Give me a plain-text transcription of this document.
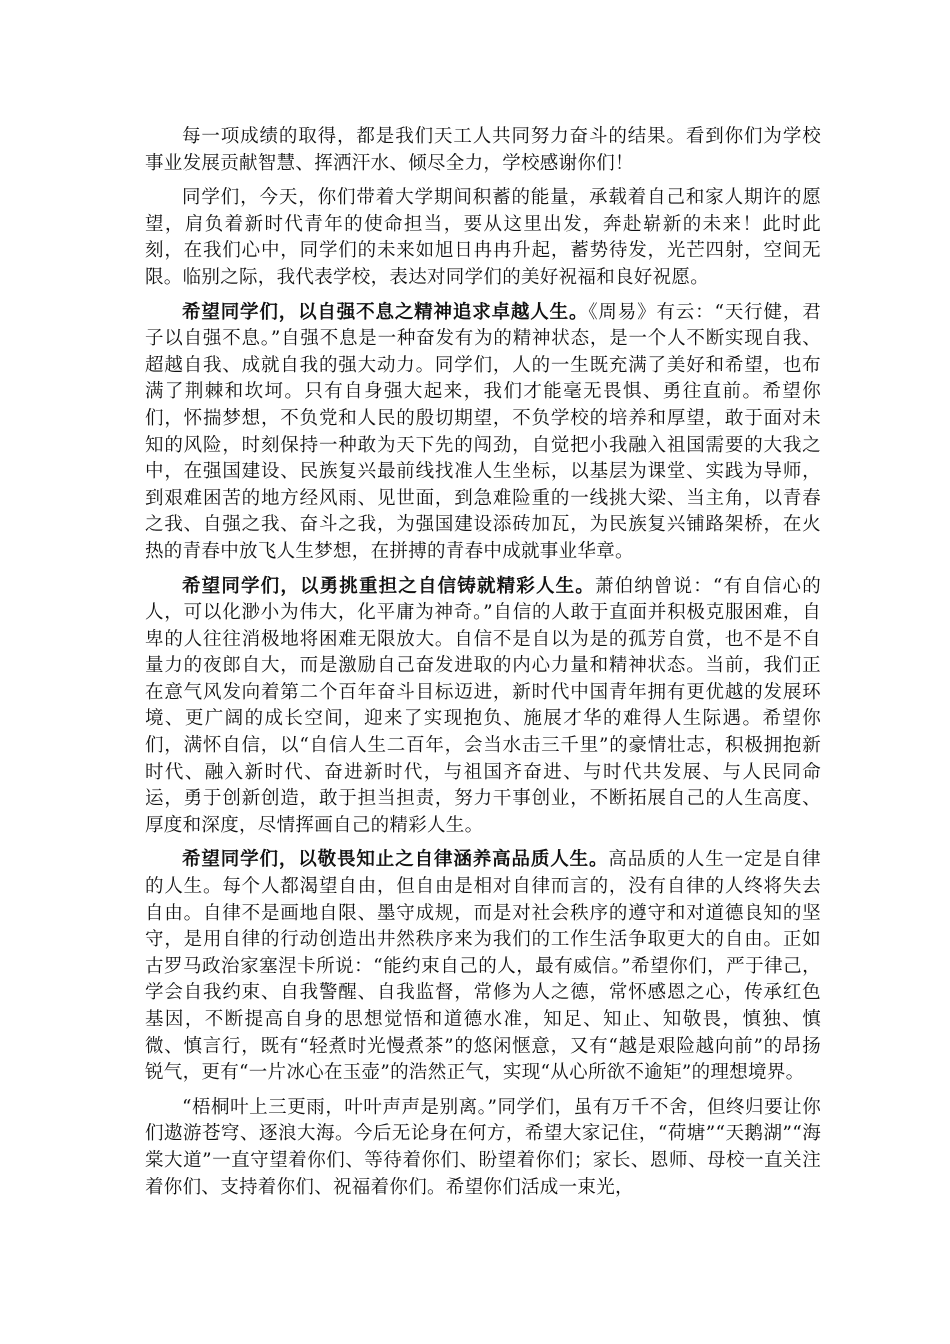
每一项成绩的取得，都是我们天工人共同努力奋斗的结果。看到你们为学校事业发展贡献智慧、挥洒汗水、倾尽全力，学校感谢你们！

同学们，今天，你们带着大学期间积蓄的能量，承载着自己和家人期许的愿望，肩负着新时代青年的使命担当，要从这里出发，奔赴崭新的未来！此时此刻，在我们心中，同学们的未来如旭日冉冉升起，蓄势待发，光芒四射，空间无限。临别之际，我代表学校，表达对同学们的美好祝福和良好祝愿。

希望同学们，以自强不息之精神追求卓越人生。《周易》有云：“天行健，君子以自强不息。”自强不息是一种奋发有为的精神状态，是一个人不断实现自我、超越自我、成就自我的强大动力。同学们，人的一生既充满了美好和希望，也布满了荆棘和坎坷。只有自身强大起来，我们才能毫无畏惧、勇往直前。希望你们，怀揣梦想，不负党和人民的殷切期望，不负学校的培养和厚望，敢于面对未知的风险，时刻保持一种敢为天下先的闯劲，自觉把小我融入祖国需要的大我之中，在强国建设、民族复兴最前线找准人生坐标，以基层为课堂、实践为导师，到艰难困苦的地方经风雨、见世面，到急难险重的一线挑大梁、当主角，以青春之我、自强之我、奋斗之我，为强国建设添砖加瓦，为民族复兴铺路架桥，在火热的青春中放飞人生梦想，在拼搏的青春中成就事业华章。

希望同学们，以勇挑重担之自信铸就精彩人生。萧伯纳曾说：“有自信心的人，可以化渺小为伟大，化平庸为神奇。”自信的人敢于直面并积极克服困难，自卑的人往往消极地将困难无限放大。自信不是自以为是的孤芳自赏，也不是不自量力的夜郎自大，而是激励自己奋发进取的内心力量和精神状态。当前，我们正在意气风发向着第二个百年奋斗目标迈进，新时代中国青年拥有更优越的发展环境、更广阔的成长空间，迎来了实现抱负、施展才华的难得人生际遇。希望你们，满怀自信，以“自信人生二百年，会当水击三千里”的豪情壮志，积极拥抱新时代、融入新时代、奋进新时代，与祖国齐奋进、与时代共发展、与人民同命运，勇于创新创造，敢于担当担责，努力干事创业，不断拓展自己的人生高度、厚度和深度，尽情挥画自己的精彩人生。

希望同学们，以敬畏知止之自律涵养高品质人生。高品质的人生一定是自律的人生。每个人都渴望自由，但自由是相对自律而言的，没有自律的人终将失去自由。自律不是画地自限、墨守成规，而是对社会秩序的遵守和对道德良知的坚守，是用自律的行动创造出井然秩序来为我们的工作生活争取更大的自由。正如古罗马政治家塞涅卡所说：“能约束自己的人，最有威信。”希望你们，严于律己，学会自我约束、自我警醒、自我监督，常修为人之德，常怀感恩之心，传承红色基因，不断提高自身的思想觉悟和道德水准，知足、知止、知敬畏，慎独、慎微、慎言行，既有“轻煮时光慢煮茶”的悠闲惬意，又有“越是艰险越向前”的昂扬锐气，更有“一片冰心在玉壶”的浩然正气，实现“从心所欲不逾矩”的理想境界。

“梧桐叶上三更雨，叶叶声声是别离。”同学们，虽有万千不舍，但终归要让你们遨游苍穹、逐浪大海。今后无论身在何方，希望大家记住，“荷塘”“天鹅湖”“海棠大道”一直守望着你们、等待着你们、盼望着你们；家长、恩师、母校一直关注着你们、支持着你们、祝福着你们。希望你们活成一束光，
